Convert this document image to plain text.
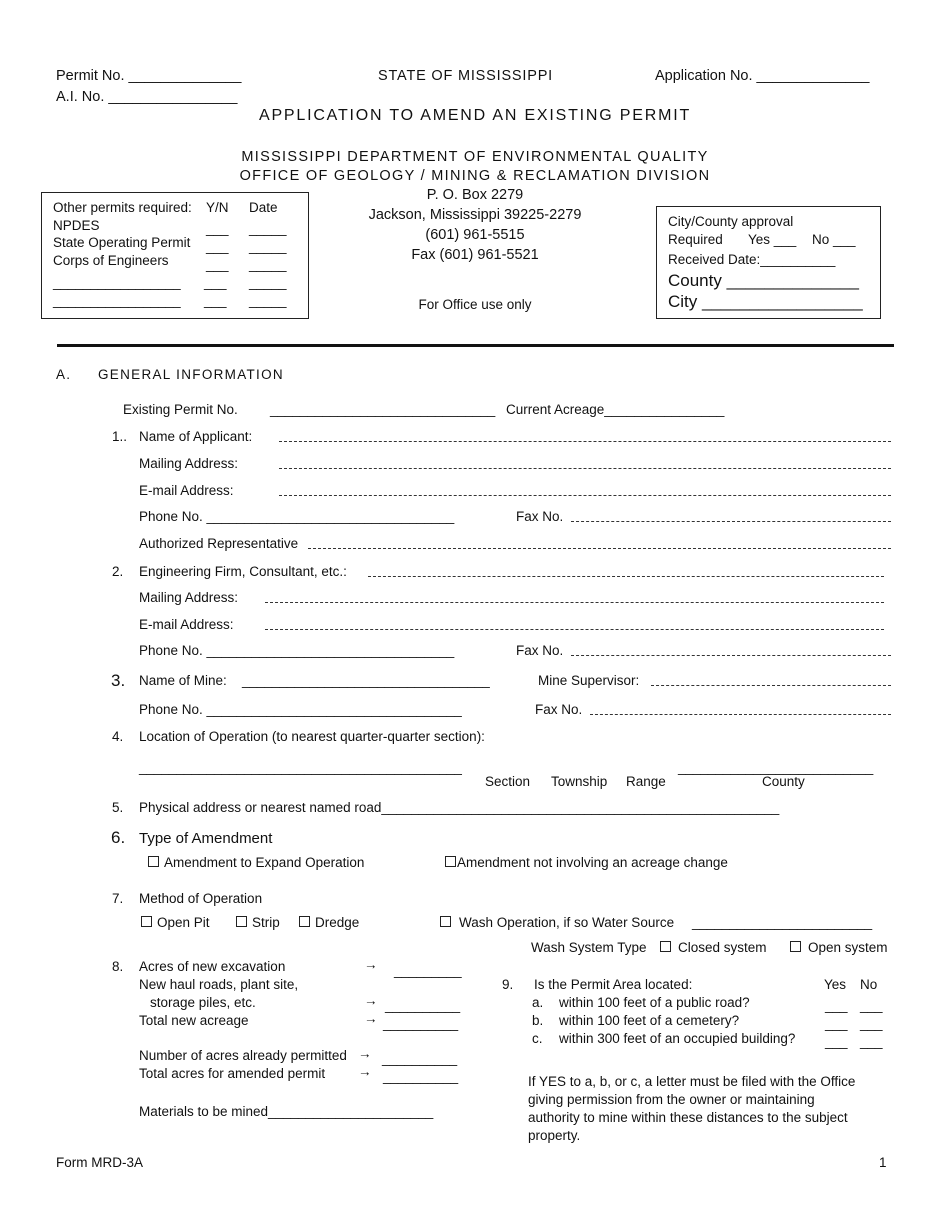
Permit No. ______________	STATE OF MISSISSIPPI	Application No. ______________
A.I. No. ________________
APPLICATION TO AMEND AN EXISTING PERMIT
MISSISSIPPI DEPARTMENT OF ENVIRONMENTAL QUALITY
OFFICE OF GEOLOGY / MINING & RECLAMATION DIVISION
P. O. Box 2279
Jackson, Mississippi 39225-2279
(601) 961-5515
Fax (601) 961-5521
For Office use only
Other permits required: Y/N Date
NPDES	___ _____
State Operating Permit ___ _____
Corps of Engineers	___ _____
_________________ ___ _____
_________________ ___ _____
City/County approval
Required Yes ___ No ___
Received Date:__________
County ______________
City _________________
A. GENERAL INFORMATION
Existing Permit No. ______________________________ Current Acreage________________
1.. Name of Applicant:
Mailing Address:
E-mail Address:
Phone No. _________________________________	Fax No.
Authorized Representative
2. Engineering Firm, Consultant, etc.:
Mailing Address:
E-mail Address:
Phone No. _________________________________	Fax No.
3. Name of Mine: _________________________________	Mine Supervisor:
Phone No. __________________________________	Fax No.
4. Location of Operation (to nearest quarter-quarter section):
___________________________________________	__________________________
Section Township Range	County
5. Physical address or nearest named road_____________________________________________________
6. Type of Amendment
Amendment to Expand Operation	Amendment not involving an acreage change
7. Method of Operation
Open Pit	Strip	Dredge	Wash Operation, if so Water Source ________________________
Wash System Type	Closed system	Open system
8. Acres of new excavation	→ _________
New haul roads, plant site,
storage piles, etc.	→ __________
Total new acreage	→ __________
Number of acres already permitted → __________
Total acres for amended permit → __________
Materials to be mined______________________
9. Is the Permit Area located:	Yes No
a. within 100 feet of a public road?	___ ___
b. within 100 feet of a cemetery?	___ ___
c. within 300 feet of an occupied building? ___ ___
If YES to a, b, or c, a letter must be filed with the Office
giving permission from the owner or maintaining
authority to mine within these distances to the subject
property.
Form MRD-3A	1
